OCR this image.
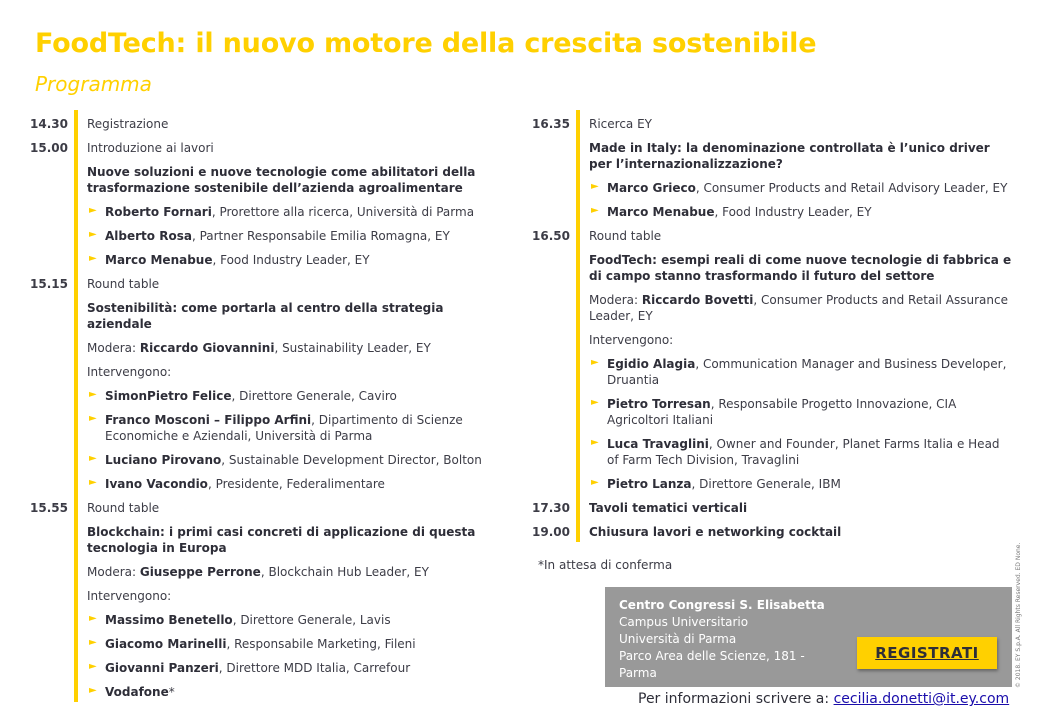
FoodTech: il nuovo motore della crescita sostenibile
Programma
14.30	Registrazione
15.00	Introduzione ai lavori
Nuove soluzioni e nuove tecnologie come abilitatori della trasformazione sostenibile dell’azienda agroalimentare
► Roberto Fornari, Prorettore alla ricerca, Università di Parma
► Alberto Rosa, Partner Responsabile Emilia Romagna, EY
► Marco Menabue, Food Industry Leader, EY
15.15	Round table
Sostenibilità: come portarla al centro della strategia aziendale
Modera: Riccardo Giovannini, Sustainability Leader, EY
Intervengono:
► SimonPietro Felice, Direttore Generale, Caviro
► Franco Mosconi – Filippo Arfini, Dipartimento di Scienze Economiche e Aziendali, Università di Parma
► Luciano Pirovano, Sustainable Development Director, Bolton
► Ivano Vacondio, Presidente, Federalimentare
15.55	Round table
Blockchain: i primi casi concreti di applicazione di questa tecnologia in Europa
Modera: Giuseppe Perrone, Blockchain Hub Leader, EY
Intervengono:
► Massimo Benetello, Direttore Generale, Lavis
► Giacomo Marinelli, Responsabile Marketing, Fileni
► Giovanni Panzeri, Direttore MDD Italia, Carrefour
► Vodafone*
16.35	Ricerca EY
Made in Italy: la denominazione controllata è l’unico driver per l’internazionalizzazione?
► Marco Grieco, Consumer Products and Retail Advisory Leader, EY
► Marco Menabue, Food Industry Leader, EY
16.50	Round table
FoodTech: esempi reali di come nuove tecnologie di fabbrica e di campo stanno trasformando il futuro del settore
Modera: Riccardo Bovetti, Consumer Products and Retail Assurance Leader, EY
Intervengono:
► Egidio Alagia, Communication Manager and Business Developer, Druantia
► Pietro Torresan, Responsabile Progetto Innovazione, CIA Agricoltori Italiani
► Luca Travaglini, Owner and Founder, Planet Farms Italia e Head of Farm Tech Division, Travaglini
► Pietro Lanza, Direttore Generale, IBM
17.30	Tavoli tematici verticali
19.00	Chiusura lavori e networking cocktail
*In attesa di conferma
Centro Congressi S. Elisabetta
Campus Universitario
Università di Parma
Parco Area delle Scienze, 181 -
Parma
REGISTRATI
Per informazioni scrivere a: cecilia.donetti@it.ey.com
© 2018. EY S.p.A. All Rights Reserved. ED None.
